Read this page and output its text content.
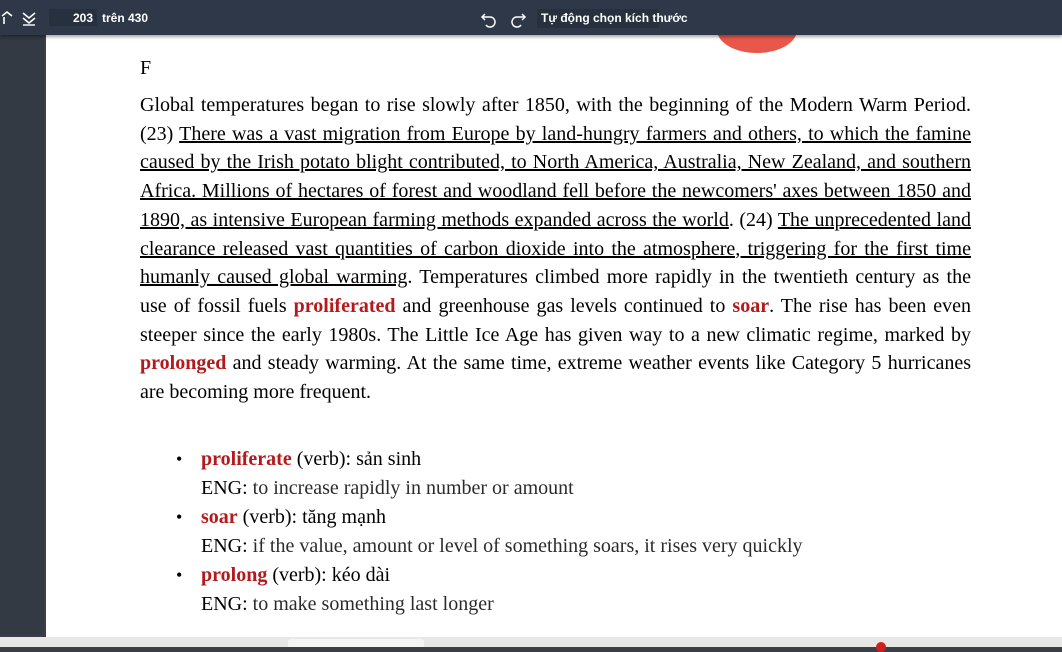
203
trên 430	Tự động chọn kích thước
F

Global temperatures began to rise slowly after 1850, with the beginning of the Modern Warm Period. (23) There was a vast migration from Europe by land-hungry farmers and others, to which the famine caused by the Irish potato blight contributed, to North America, Australia, New Zealand, and southern Africa. Millions of hectares of forest and woodland fell before the newcomers' axes between 1850 and 1890, as intensive European farming methods expanded across the world. (24) The unprecedented land clearance released vast quantities of carbon dioxide into the atmosphere, triggering for the first time humanly caused global warming. Temperatures climbed more rapidly in the twentieth century as the use of fossil fuels proliferated and greenhouse gas levels continued to soar. The rise has been even steeper since the early 1980s. The Little Ice Age has given way to a new climatic regime, marked by prolonged and steady warming. At the same time, extreme weather events like Category 5 hurricanes are becoming more frequent.

• proliferate (verb): sản sinh
ENG: to increase rapidly in number or amount
• soar (verb): tăng mạnh
ENG: if the value, amount or level of something soars, it rises very quickly
• prolong (verb): kéo dài
ENG: to make something last longer
